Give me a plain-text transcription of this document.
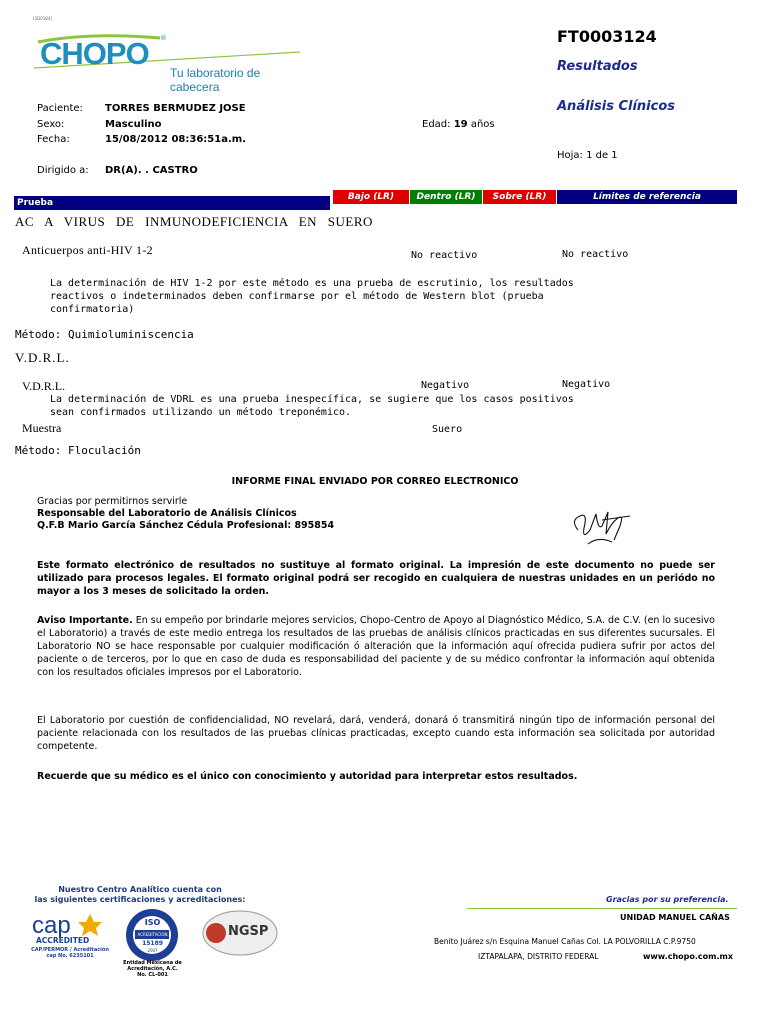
[3D0184]
CHOPO ®
Tu laboratorio de cabecera
FT0003124
Resultados
Análisis Clínicos
Paciente: TORRES BERMUDEZ JOSE
Sexo:	Masculino
Fecha:	15/08/2012 08:36:51a.m.
Dirigido a: DR(A). . CASTRO
Edad: 19 años
Hoja: 1 de 1
Prueba
Bajo (LR)	Dentro (LR)	Sobre (LR)	Límites de referencia
AC A VIRUS DE INMUNODEFICIENCIA EN SUERO
Anticuerpos anti-HIV 1-2	No reactivo	No reactivo
La determinación de HIV 1-2 por este método es una prueba de escrutinio, los resultados
reactivos o indeterminados deben confirmarse por el método de Western blot (prueba
confirmatoria)
Método: Quimioluminiscencia
V.D.R.L.
V.D.R.L.	Negativo	Negativo
La determinación de VDRL es una prueba inespecífica, se sugiere que los casos positivos
sean confirmados utilizando un método treponémico.
Muestra	Suero
Método: Floculación
INFORME FINAL ENVIADO POR CORREO ELECTRONICO
Gracias por permitirnos servirle
Responsable del Laboratorio de Análisis Clínicos
Q.F.B Mario García Sánchez Cédula Profesional: 895854
Este formato electrónico de resultados no sustituye al formato original. La impresión de este documento no puede ser utilizado para procesos legales. El formato original podrá ser recogido en cualquiera de nuestras unidades en un periódo no mayor a los 3 meses de solicitado la orden.
Aviso Importante. En su empeño por brindarle mejores servicios, Chopo-Centro de Apoyo al Diagnóstico Médico, S.A. de C.V. (en lo sucesivo el Laboratorio) a través de este medio entrega los resultados de las pruebas de análisis clínicos practicadas en sus diferentes sucursales. El Laboratorio NO se hace responsable por cualquier modificación ó alteración que la información aquí ofrecida pudiera sufrir por actos del paciente o de terceros, por lo que en caso de duda es responsabilidad del paciente y de su médico confrontar la información aquí obtenida con los resultados oficiales impresos por el Laboratorio.
El Laboratorio por cuestión de confidencialidad, NO revelará, dará, venderá, donará ó transmitirá ningún tipo de información personal del paciente relacionada con los resultados de las pruebas clínicas practicadas, excepto cuando esta información sea solicitada por autoridad competente.
Recuerde que su médico es el único con conocimiento y autoridad para interpretar estos resultados.
Nuestro Centro Analítico cuenta con
las siguientes certificaciones y acreditaciones:
cap
ACCREDITED
CAP/PERMOR / Acreditación
cap No. 6235101
ISO
ACREDITACIÓN
15189
2007
Entidad Mexicana de
Acreditación, A.C.
No. CL-001
NGSP
Gracias por su preferencia.
UNIDAD MANUEL CAÑAS
Benito Juárez s/n Esquina Manuel Cañas Col. LA POLVORILLA C.P.9750
IZTAPALAPA, DISTRITO FEDERAL	www.chopo.com.mx
